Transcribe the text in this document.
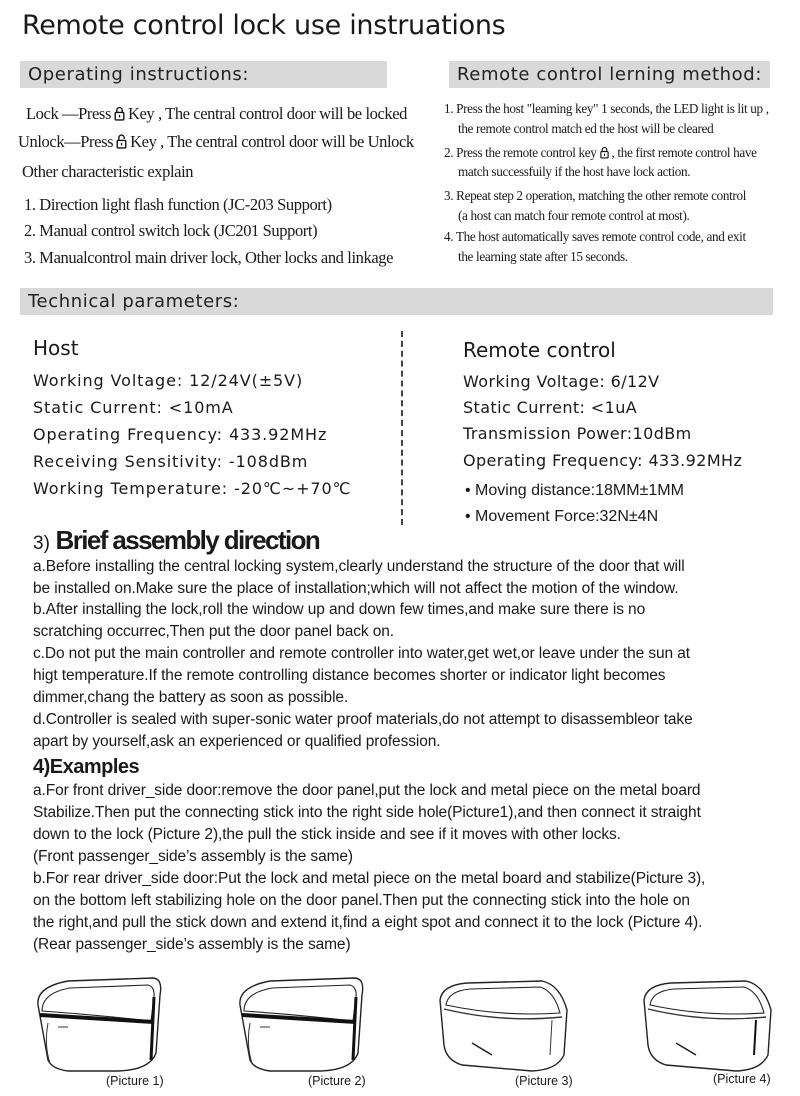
Remote control lock use instruations
Operating instructions:
Lock —Press Key , The central control door will be locked
Unlock—Press Key , The central control door will be Unlock
Other characteristic explain
1. Direction light flash function (JC-203 Support)
2. Manual control switch lock (JC201 Support)
3. Manualcontrol main driver lock, Other locks and linkage
Remote control lerning method:
1. Press the host "learning key" 1 seconds, the LED light is lit up ,
the remote control match ed the host will be cleared
2. Press the remote control key , the first remote control have
match successfuily if the host have lock action.
3. Repeat step 2 operation, matching the other remote control
(a host can match four remote control at most).
4. The host automatically saves remote control code, and exit
the learning state after 15 seconds.
Technical parameters:
Host
Working Voltage: 12/24V(±5V)
Static Current: <10mA
Operating Frequency: 433.92MHz
Receiving Sensitivity: -108dBm
Working Temperature: -20℃~+70℃
Remote control
Working Voltage: 6/12V
Static Current: <1uA
Transmission Power:10dBm
Operating Frequency: 433.92MHz
• Moving distance:18MM±1MM
• Movement Force:32N±4N
3) Brief assembly direction
a.Before installing the central locking system,clearly understand the structure of the door that will
be installed on.Make sure the place of installation;which will not affect the motion of the window.
b.After installing the lock,roll the window up and down few times,and make sure there is no
scratching occurrec,Then put the door panel back on.
c.Do not put the main controller and remote controller into water,get wet,or leave under the sun at
higt temperature.If the remote controlling distance becomes shorter or indicator light becomes
dimmer,chang the battery as soon as possible.
d.Controller is sealed with super-sonic water proof materials,do not attempt to disassembleor take
apart by yourself,ask an experienced or qualified profession.
4)Examples
a.For front driver_side door:remove the door panel,put the lock and metal piece on the metal board
Stabilize.Then put the connecting stick into the right side hole(Picture1),and then connect it straight
down to the lock (Picture 2),the pull the stick inside and see if it moves with other locks.
(Front passenger_side’s assembly is the same)
b.For rear driver_side door:Put the lock and metal piece on the metal board and stabilize(Picture 3),
on the bottom left stabilizing hole on the door panel.Then put the connecting stick into the hole on
the right,and pull the stick down and extend it,find a eight spot and connect it to the lock (Picture 4).
(Rear passenger_side’s assembly is the same)
(Picture 1)	(Picture 2)	(Picture 3)	(Picture 4)
